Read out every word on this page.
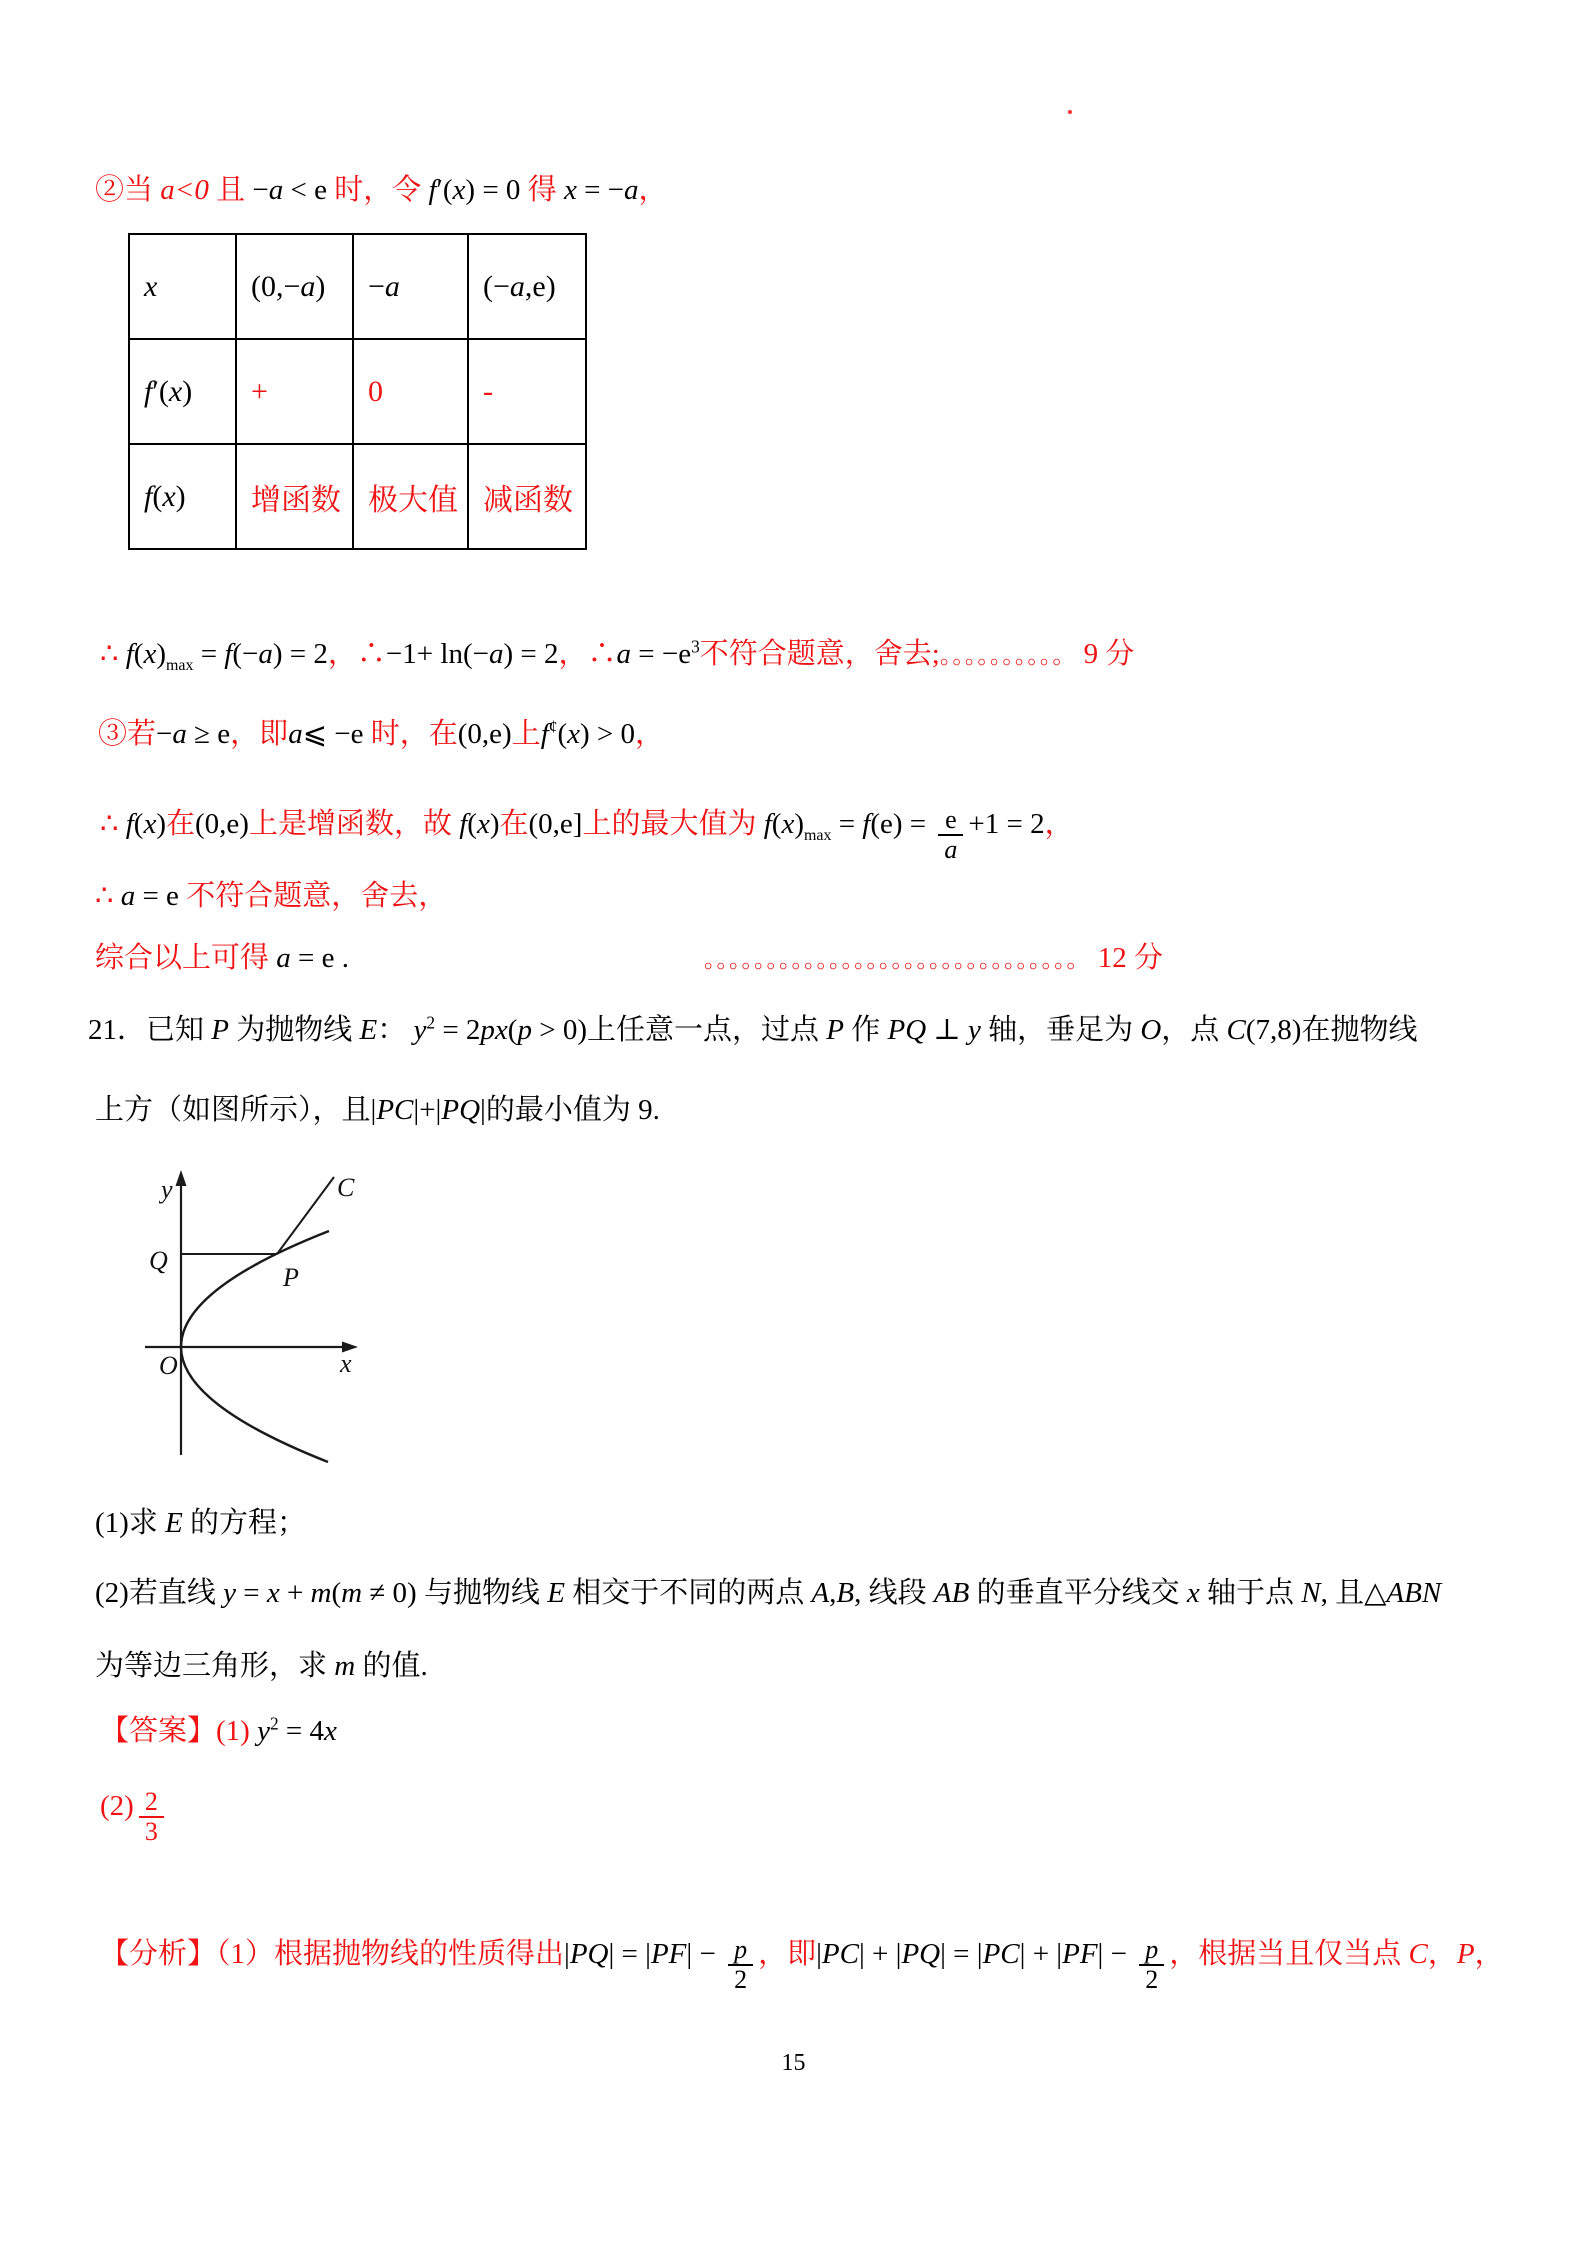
②当 a<0 且 −a < e 时，令 f′(x) = 0 得 x = −a，
x	(0,−a)	−a	(−a,e)
f′(x)	+	0	-
f(x)	增函数	极大值	减函数
∴ $f(x)_{max} = f(-a) = 2$，∴−1+ ln(−a) = 2，∴a = $-e^3$不符合题意，舍去;。。。。。。。。。。 9 分
③若−a ≥ e，即a⩽ −e 时，在(0,e)上f¢(x) > 0，
∴ f(x)在(0,e)上是增函数，故 f(x)在(0,e]上的最大值为 $f(x)_{max} = f(e) = \frac{e}{a} +1 = 2$，
∴ a = e 不符合题意，舍去，
综合以上可得 a = e .	。。。。。。。。。。。。。。。。。。。。。。。。。。。。。。 12 分
21．已知 P 为抛物线 E： $y^2 = 2px(p > 0)$上任意一点，过点 P 作 PQ ⊥ y 轴，垂足为 O，点 C(7,8)在抛物线
上方（如图所示），且|PC|+|PQ|的最小值为 9.
y	C
Q
P
O	x
(1)求 E 的方程；
(2)若直线 y = x + m(m ≠ 0) 与抛物线 E 相交于不同的两点 A,B, 线段 AB 的垂直平分线交 x 轴于点 N, 且△ABN
为等边三角形，求 m 的值.
【答案】(1) $y^2 = 4x$
$(2) \frac{2}{3}$
【分析】（1）根据抛物线的性质得出$|PQ| = |PF| - \frac{p}{2}$ ，即$|PC| + |PQ| = |PC| + |PF| - \frac{p}{2}$ ，根据当且仅当点 C，P，
15
